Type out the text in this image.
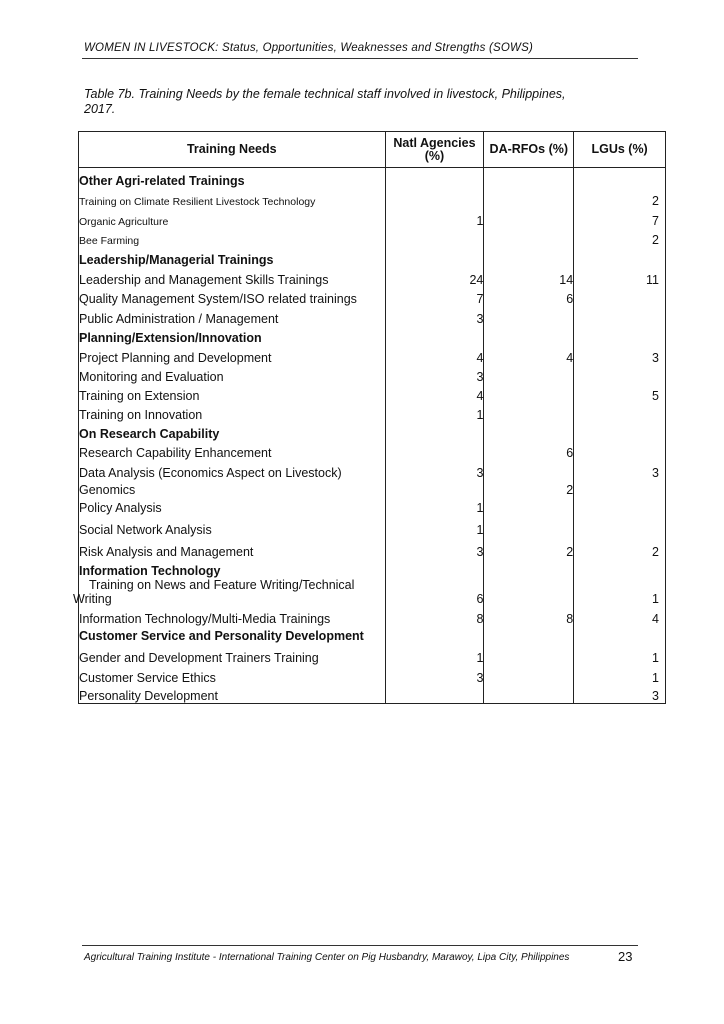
WOMEN IN LIVESTOCK: Status, Opportunities, Weaknesses and Strengths (SOWS)
Table 7b. Training Needs by the female technical staff involved in livestock, Philippines, 2017.
Training Needs	Natl Agencies (%)	DA-RFOs (%)	LGUs (%)
Other Agri-related Trainings			
Training on Climate Resilient Livestock Technology			2
Organic Agriculture	1		7
Bee Farming			2
Leadership/Managerial Trainings			
Leadership and Management Skills Trainings	24	14	11
Quality Management System/ISO related trainings	7	6	
Public Administration / Management	3		
Planning/Extension/Innovation			
Project Planning and Development	4	4	3
Monitoring and Evaluation	3		
Training on Extension	4		5
Training on Innovation	1		
On Research Capability			
Research Capability Enhancement		6	
Data Analysis (Economics Aspect on Livestock)	3		3
Genomics		2	
Policy Analysis	1		
Social Network Analysis	1		
Risk Analysis and Management	3	2	2

Information Technology
Training on News and Feature Writing/Technical
Writing	6		1
Information Technology/Multi-Media Trainings	8	8	4
Customer Service and Personality Development			
Gender and Development Trainers Training	1		1
Customer Service Ethics	3		1
Personality Development			3
Agricultural Training Institute - International Training Center on Pig Husbandry, Marawoy, Lipa City, Philippines	23
